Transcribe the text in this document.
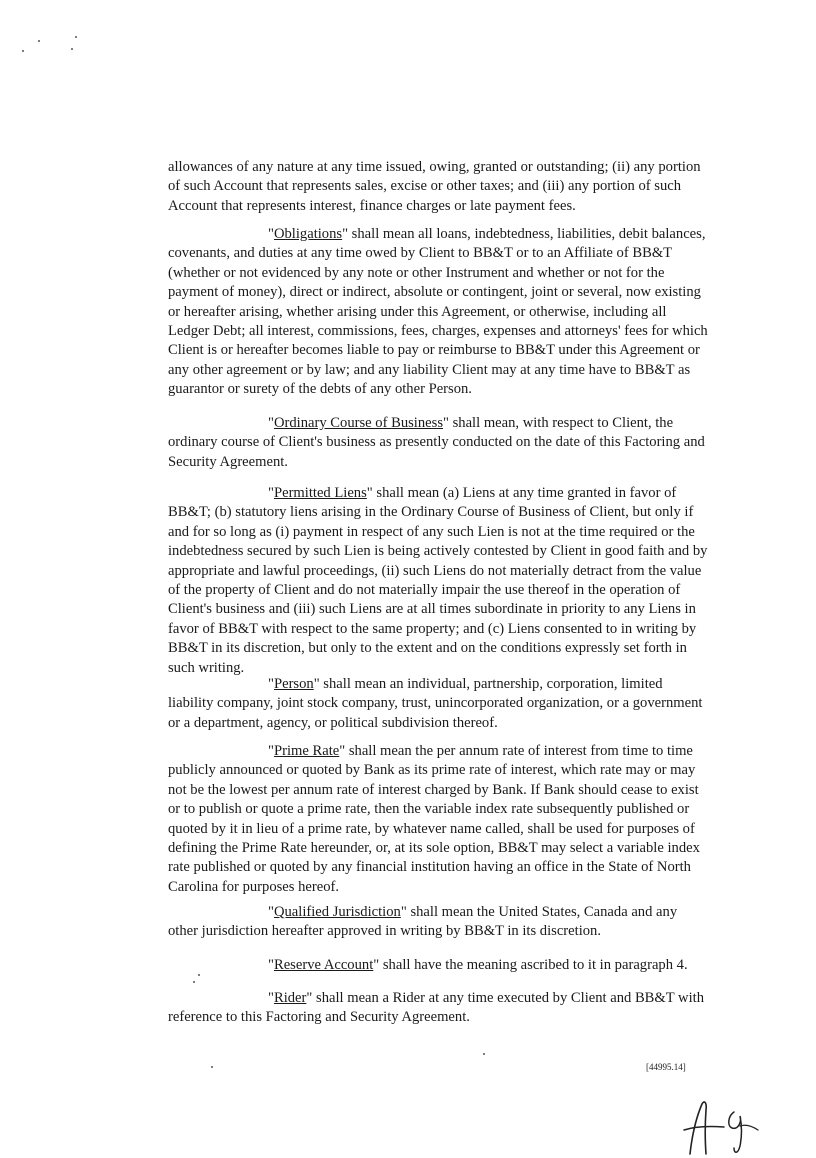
allowances of any nature at any time issued, owing, granted or outstanding; (ii) any portion of such Account that represents sales, excise or other taxes; and (iii) any portion of such Account that represents interest, finance charges or late payment fees.

"Obligations" shall mean all loans, indebtedness, liabilities, debit balances, covenants, and duties at any time owed by Client to BB&T or to an Affiliate of BB&T (whether or not evidenced by any note or other Instrument and whether or not for the payment of money), direct or indirect, absolute or contingent, joint or several, now existing or hereafter arising, whether arising under this Agreement, or otherwise, including all Ledger Debt; all interest, commissions, fees, charges, expenses and attorneys' fees for which Client is or hereafter becomes liable to pay or reimburse to BB&T under this Agreement or any other agreement or by law; and any liability Client may at any time have to BB&T as guarantor or surety of the debts of any other Person.

"Ordinary Course of Business" shall mean, with respect to Client, the ordinary course of Client's business as presently conducted on the date of this Factoring and Security Agreement.

"Permitted Liens" shall mean (a) Liens at any time granted in favor of BB&T; (b) statutory liens arising in the Ordinary Course of Business of Client, but only if and for so long as (i) payment in respect of any such Lien is not at the time required or the indebtedness secured by such Lien is being actively contested by Client in good faith and by appropriate and lawful proceedings, (ii) such Liens do not materially detract from the value of the property of Client and do not materially impair the use thereof in the operation of Client's business and (iii) such Liens are at all times subordinate in priority to any Liens in favor of BB&T with respect to the same property; and (c) Liens consented to in writing by BB&T in its discretion, but only to the extent and on the conditions expressly set forth in such writing.

"Person" shall mean an individual, partnership, corporation, limited liability company, joint stock company, trust, unincorporated organization, or a government or a department, agency, or political subdivision thereof.

"Prime Rate" shall mean the per annum rate of interest from time to time publicly announced or quoted by Bank as its prime rate of interest, which rate may or may not be the lowest per annum rate of interest charged by Bank. If Bank should cease to exist or to publish or quote a prime rate, then the variable index rate subsequently published or quoted by it in lieu of a prime rate, by whatever name called, shall be used for purposes of defining the Prime Rate hereunder, or, at its sole option, BB&T may select a variable index rate published or quoted by any financial institution having an office in the State of North Carolina for purposes hereof.

"Qualified Jurisdiction" shall mean the United States, Canada and any other jurisdiction hereafter approved in writing by BB&T in its discretion.

"Reserve Account" shall have the meaning ascribed to it in paragraph 4.

"Rider" shall mean a Rider at any time executed by Client and BB&T with reference to this Factoring and Security Agreement.

[44995.14]
